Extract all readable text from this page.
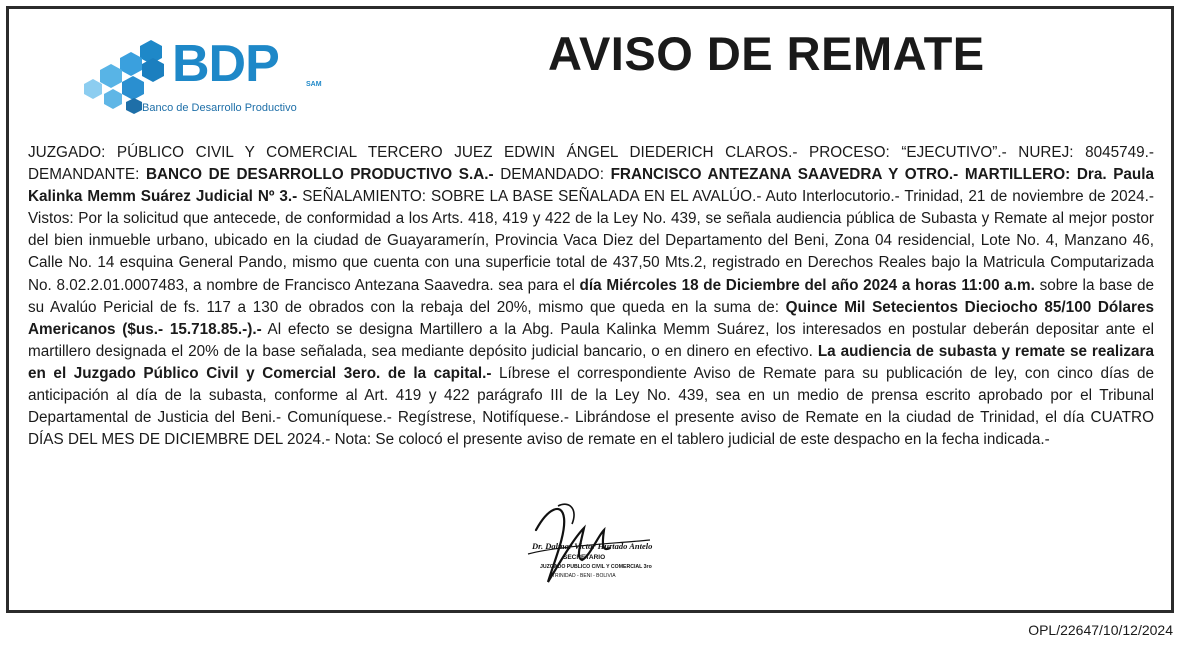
BDP	SAM
Banco de Desarrollo Productivo
AVISO DE REMATE
JUZGADO: PÚBLICO CIVIL Y COMERCIAL TERCERO JUEZ EDWIN ÁNGEL DIEDERICH CLAROS.- PROCESO: “EJECUTIVO”.- NUREJ: 8045749.- DEMANDANTE: BANCO DE DESARROLLO PRODUCTIVO S.A.- DEMANDADO: FRANCISCO ANTEZANA SAAVEDRA Y OTRO.- MARTILLERO: Dra. Paula Kalinka Memm Suárez Judicial Nº 3.- SEÑALAMIENTO: SOBRE LA BASE SEÑALADA EN EL AVALÚO.- Auto Interlocutorio.- Trinidad, 21 de noviembre de 2024.- Vistos: Por la solicitud que antecede, de conformidad a los Arts. 418, 419 y 422 de la Ley No. 439, se señala audiencia pública de Subasta y Remate al mejor postor del bien inmueble urbano, ubicado en la ciudad de Guayaramerín, Provincia Vaca Diez del Departamento del Beni, Zona 04 residencial, Lote No. 4, Manzano 46, Calle No. 14 esquina General Pando, mismo que cuenta con una superficie total de 437,50 Mts.2, registrado en Derechos Reales bajo la Matricula Computarizada No. 8.02.2.01.0007483, a nombre de Francisco Antezana Saavedra. sea para el día Miércoles 18 de Diciembre del año 2024 a horas 11:00 a.m. sobre la base de su Avalúo Pericial de fs. 117 a 130 de obrados con la rebaja del 20%, mismo que queda en la suma de: Quince Mil Setecientos Dieciocho 85/100 Dólares Americanos ($us.- 15.718.85.-).- Al efecto se designa Martillero a la Abg. Paula Kalinka Memm Suárez, los interesados en postular deberán depositar ante el martillero designada el 20% de la base señalada, sea mediante depósito judicial bancario, o en dinero en efectivo. La audiencia de subasta y remate se realizara en el Juzgado Público Civil y Comercial 3ero. de la capital.- Líbrese el correspondiente Aviso de Remate para su publicación de ley, con cinco días de anticipación al día de la subasta, conforme al Art. 419 y 422 parágrafo III de la Ley No. 439, sea en un medio de prensa escrito aprobado por el Tribunal Departamental de Justicia del Beni.- Comuníquese.- Regístrese, Notifíquese.- Librándose el presente aviso de Remate en la ciudad de Trinidad, el día CUATRO DÍAS DEL MES DE DICIEMBRE DEL 2024.- Nota: Se colocó el presente aviso de remate en el tablero judicial de este despacho en la fecha indicada.-
Dr. Dalmar Victor Hurtado Antelo
SECRETARIO
JUZGADO PUBLICO CIVIL Y COMERCIAL 3ro
TRINIDAD - BENI - BOLIVIA
OPL/22647/10/12/2024
